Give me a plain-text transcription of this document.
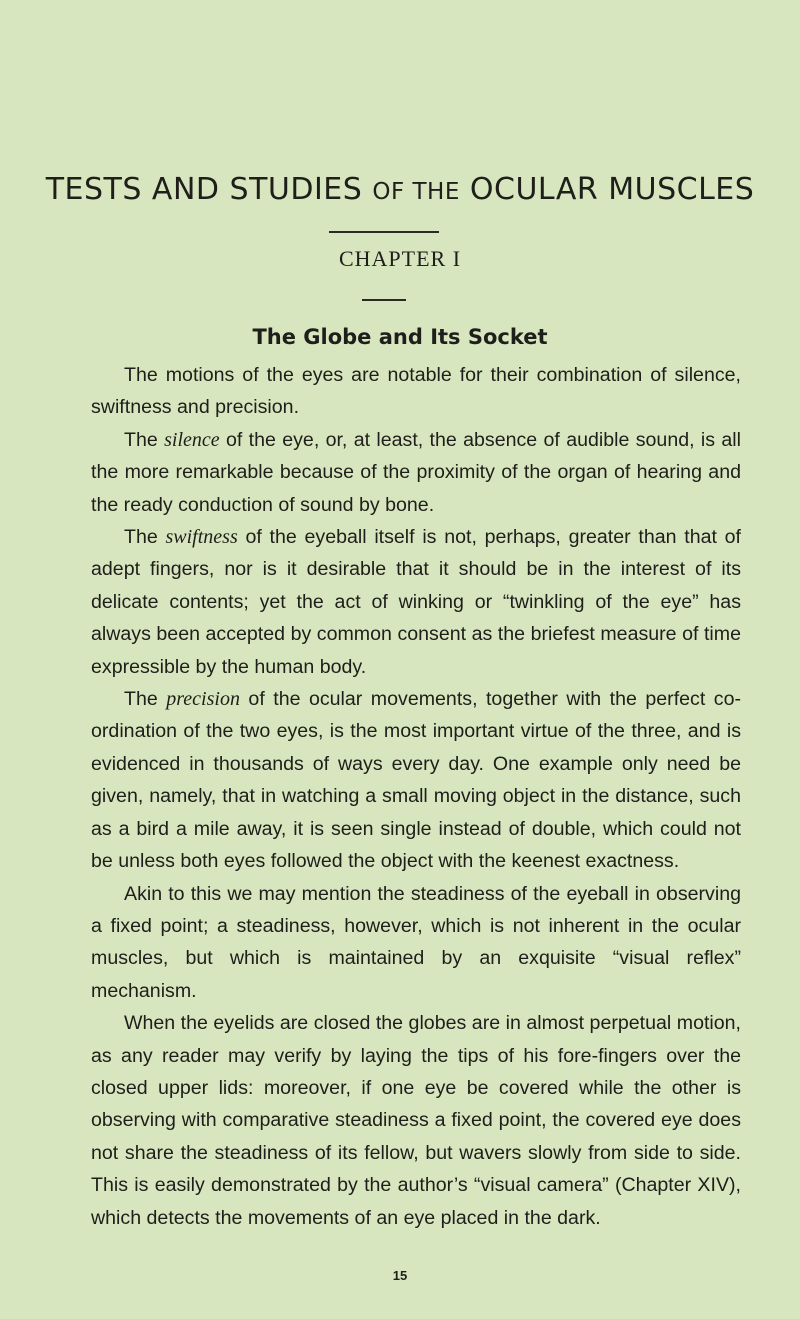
TESTS AND STUDIES OF THE OCULAR MUSCLES
CHAPTER I
The Globe and Its Socket

The motions of the eyes are notable for their combination of silence, swiftness and precision.

The silence of the eye, or, at least, the absence of audible sound, is all the more remarkable because of the proximity of the organ of hearing and the ready conduction of sound by bone.

The swiftness of the eyeball itself is not, perhaps, greater than that of adept fingers, nor is it desirable that it should be in the interest of its delicate contents; yet the act of winking or “twinkling of the eye” has always been accepted by common consent as the briefest measure of time expressible by the human body.

The precision of the ocular movements, together with the perfect co-ordination of the two eyes, is the most important virtue of the three, and is evidenced in thousands of ways every day. One example only need be given, namely, that in watching a small moving object in the distance, such as a bird a mile away, it is seen single instead of double, which could not be unless both eyes followed the object with the keenest exactness.

Akin to this we may mention the steadiness of the eyeball in observing a fixed point; a steadiness, however, which is not inherent in the ocular muscles, but which is maintained by an exquisite “visual reflex” mechanism.

When the eyelids are closed the globes are in almost perpetual motion, as any reader may verify by laying the tips of his fore-fingers over the closed upper lids: moreover, if one eye be covered while the other is observing with comparative steadiness a fixed point, the covered eye does not share the steadiness of its fellow, but wavers slowly from side to side. This is easily demonstrated by the author’s “visual camera” (Chapter XIV), which detects the movements of an eye placed in the dark.

15
